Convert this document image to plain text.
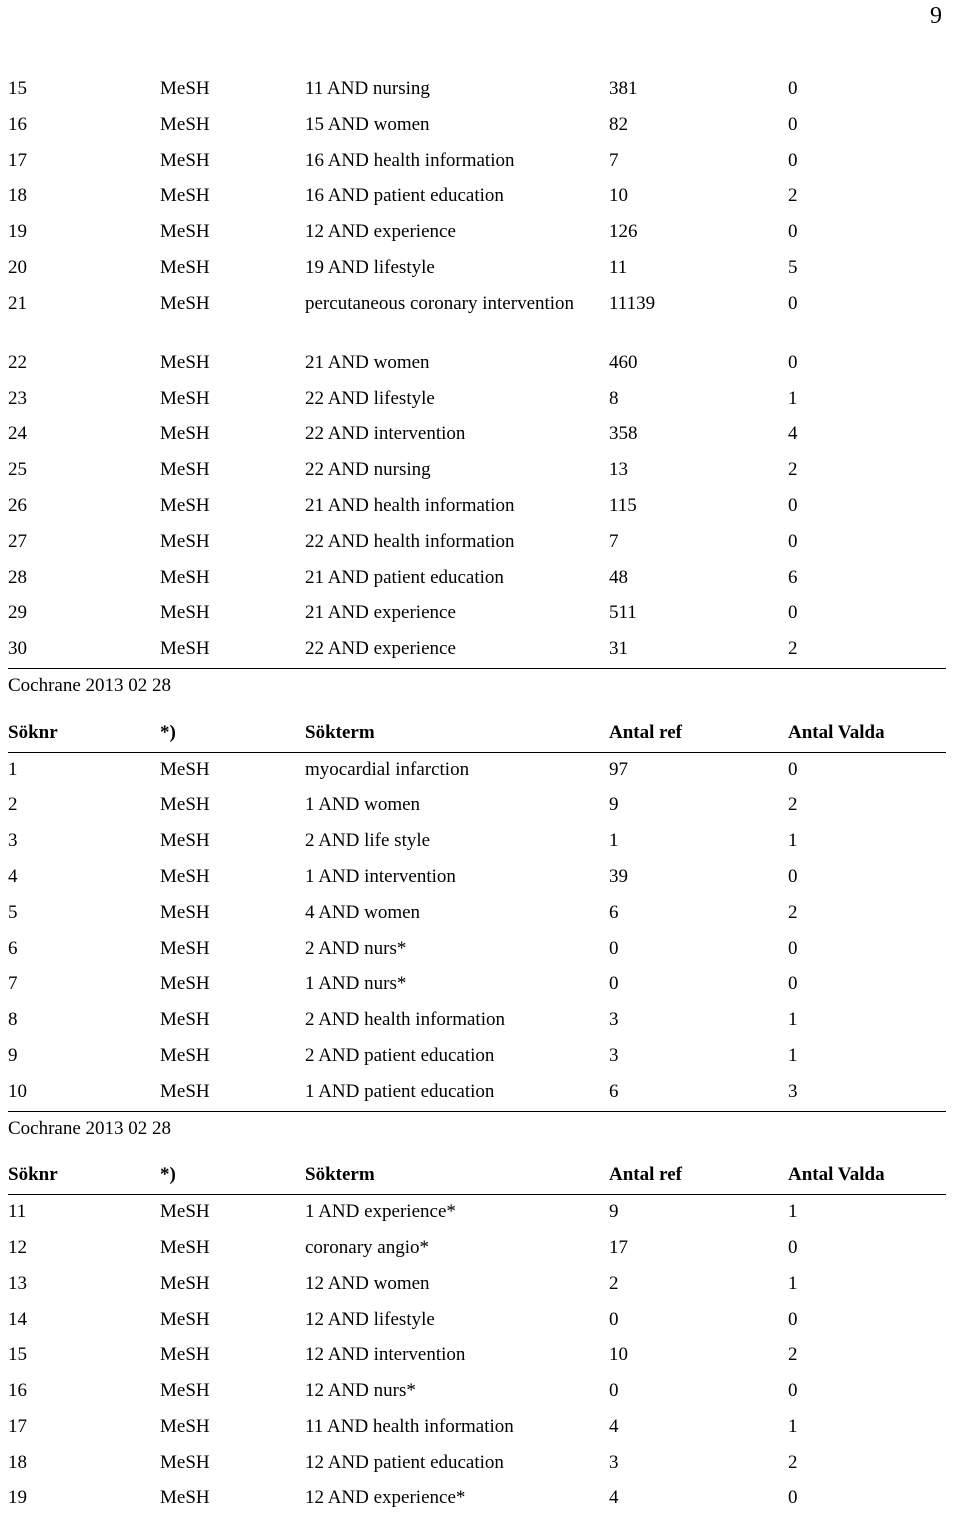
9
15	MeSH	11 AND nursing	381	0
16	MeSH	15 AND women	82	0
17	MeSH	16 AND health information	7	0
18	MeSH	16 AND patient education	10	2
19	MeSH	12 AND experience	126	0
20	MeSH	19 AND lifestyle	11	5
21	MeSH	percutaneous coronary intervention	11139	0
22	MeSH	21 AND women	460	0
23	MeSH	22 AND lifestyle	8	1
24	MeSH	22 AND intervention	358	4
25	MeSH	22 AND nursing	13	2
26	MeSH	21 AND health information	115	0
27	MeSH	22 AND health information	7	0
28	MeSH	21 AND patient education	48	6
29	MeSH	21 AND experience	511	0
30	MeSH	22 AND experience	31	2
Cochrane 2013 02 28
Söknr	*)	Sökterm	Antal ref	Antal Valda
1	MeSH	myocardial infarction	97	0
2	MeSH	1 AND women	9	2
3	MeSH	2 AND life style	1	1
4	MeSH	1 AND intervention	39	0
5	MeSH	4 AND women	6	2
6	MeSH	2 AND nurs*	0	0
7	MeSH	1 AND nurs*	0	0
8	MeSH	2 AND health information	3	1
9	MeSH	2 AND patient education	3	1
10	MeSH	1 AND patient education	6	3
Cochrane 2013 02 28
Söknr	*)	Sökterm	Antal ref	Antal Valda
11	MeSH	1 AND experience*	9	1
12	MeSH	coronary angio*	17	0
13	MeSH	12 AND women	2	1
14	MeSH	12 AND lifestyle	0	0
15	MeSH	12 AND intervention	10	2
16	MeSH	12 AND nurs*	0	0
17	MeSH	11 AND health information	4	1
18	MeSH	12 AND patient education	3	2
19	MeSH	12 AND experience*	4	0
